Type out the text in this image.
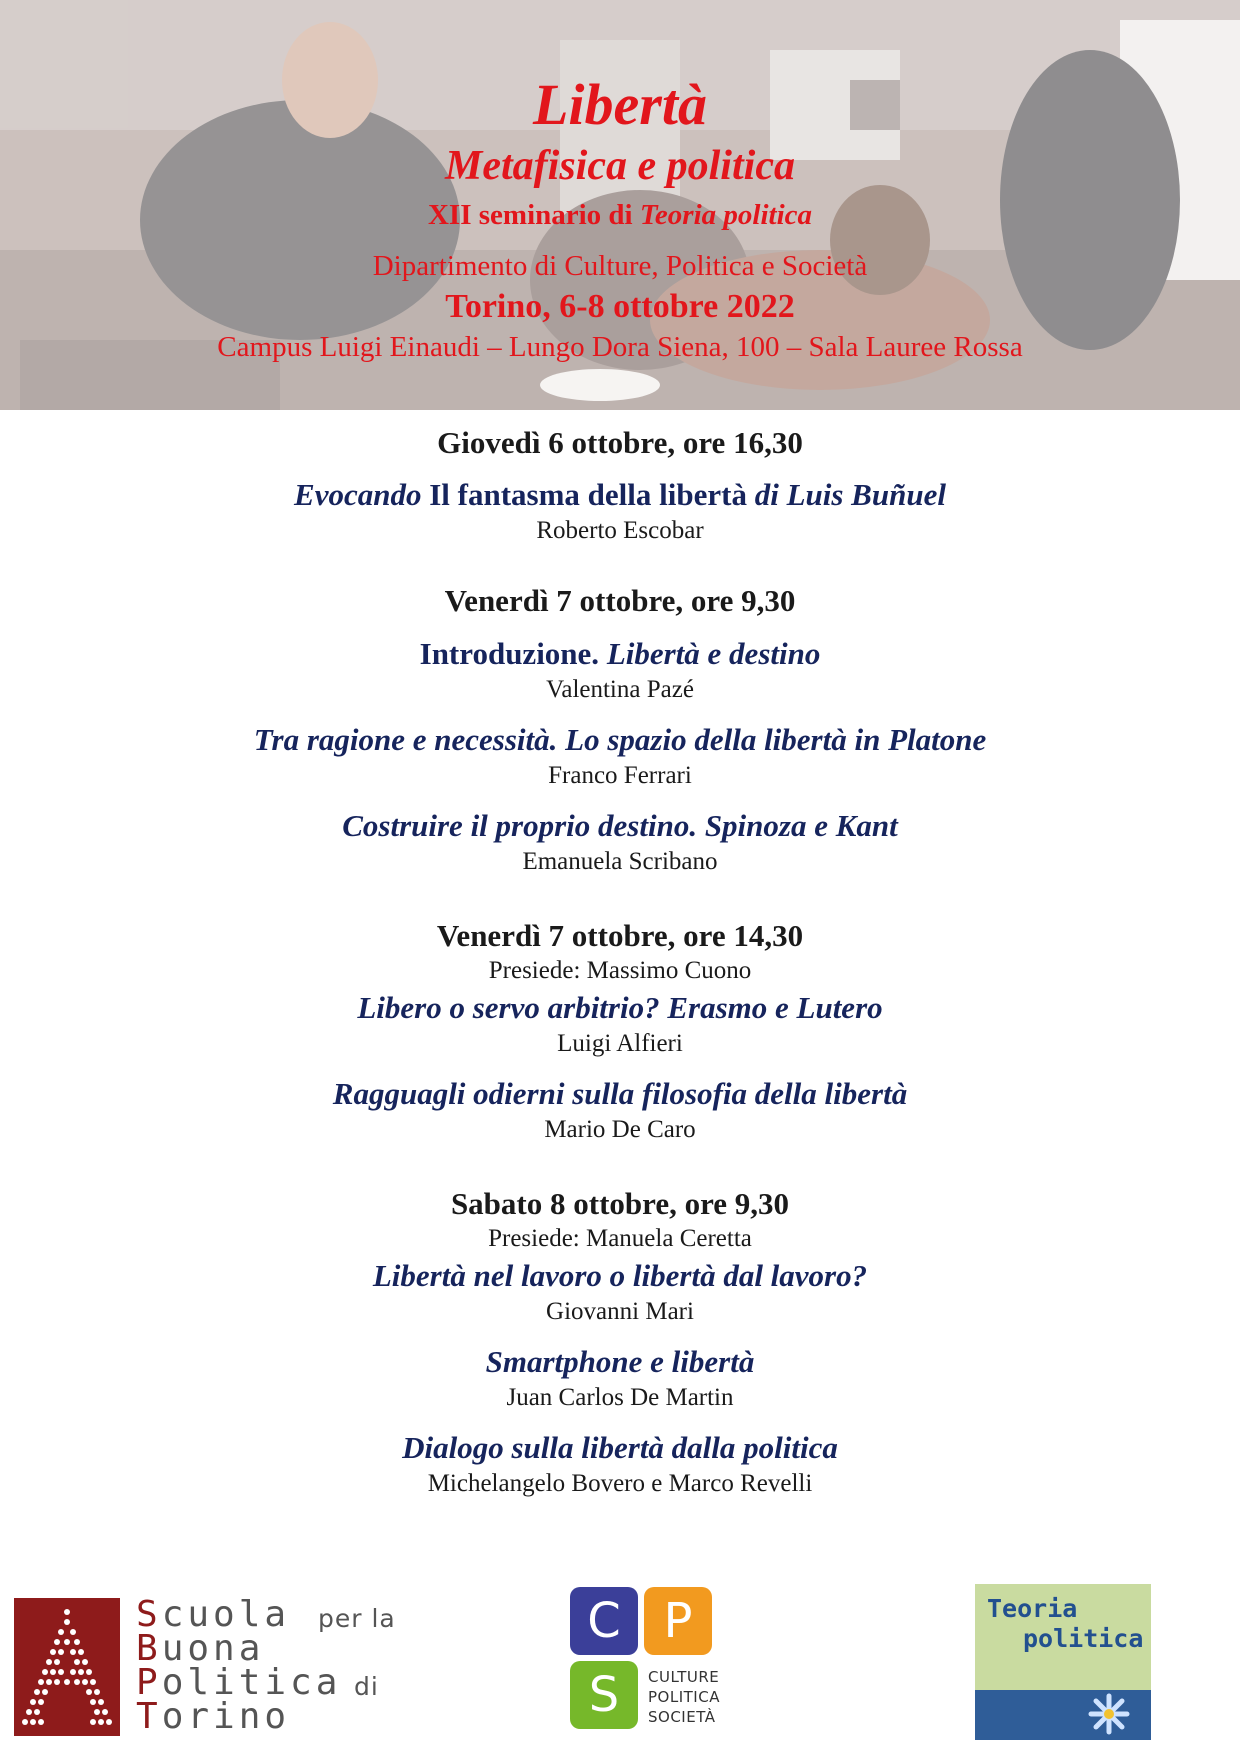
Libertà
Metafisica e politica
XII seminario di Teoria politica
Dipartimento di Culture, Politica e Società
Torino, 6-8 ottobre 2022
Campus Luigi Einaudi – Lungo Dora Siena, 100 – Sala Lauree Rossa
Giovedì 6 ottobre, ore 16,30
Evocando Il fantasma della libertà di Luis Buñuel
Roberto Escobar
Venerdì 7 ottobre, ore 9,30
Introduzione. Libertà e destino
Valentina Pazé
Tra ragione e necessità. Lo spazio della libertà in Platone
Franco Ferrari
Costruire il proprio destino. Spinoza e Kant
Emanuela Scribano
Venerdì 7 ottobre, ore 14,30
Presiede: Massimo Cuono
Libero o servo arbitrio? Erasmo e Lutero
Luigi Alfieri
Ragguagli odierni sulla filosofia della libertà
Mario De Caro
Sabato 8 ottobre, ore 9,30
Presiede: Manuela Ceretta
Libertà nel lavoro o libertà dal lavoro?
Giovanni Mari
Smartphone e libertà
Juan Carlos De Martin
Dialogo sulla libertà dalla politica
Michelangelo Bovero e Marco Revelli
Scuola
Buona
Politica
Torino
per la
di
C P
S	CULTURE
POLITICA
SOCIETÀ
Teoria
politica
